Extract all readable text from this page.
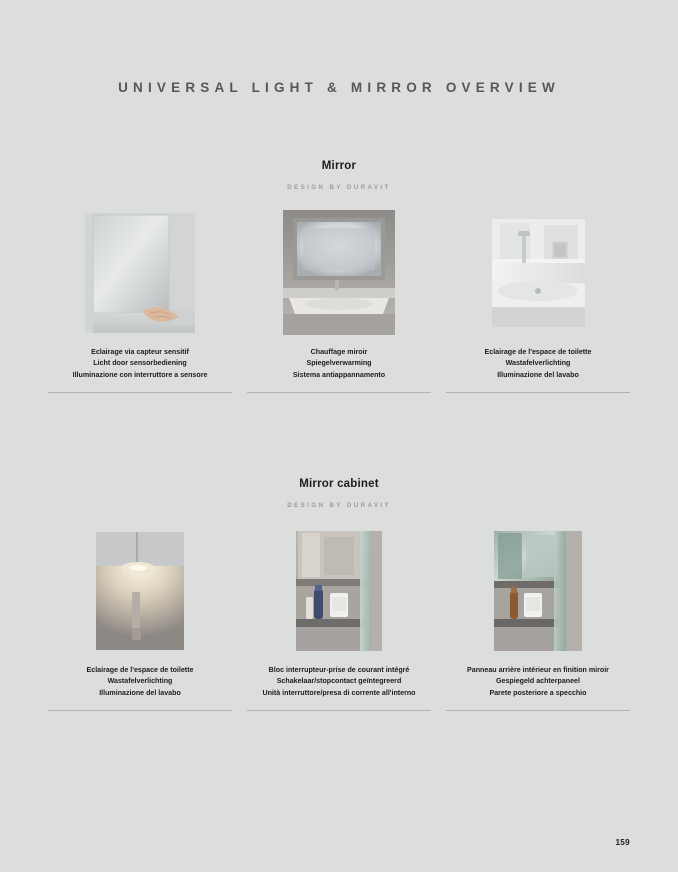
UNIVERSAL LIGHT & MIRROR OVERVIEW
Mirror
DESIGN BY DURAVIT
Eclairage via capteur sensitif
Licht door sensorbediening
Illuminazione con interruttore a sensore
Chauffage miroir
Spiegelverwarming
Sistema antiappannamento
Eclairage de l'espace de toilette
Wastafelverlichting
Illuminazione del lavabo
Mirror cabinet
DESIGN BY DURAVIT
Eclairage de l'espace de toilette
Wastafelverlichting
Illuminazione del lavabo
Bloc interrupteur-prise de courant intégré
Schakelaar/stopcontact geïntegreerd
Unità interruttore/presa di corrente all'interno
Panneau arrière intérieur en finition miroir
Gespiegeld achterpaneel
Parete posteriore a specchio
159
